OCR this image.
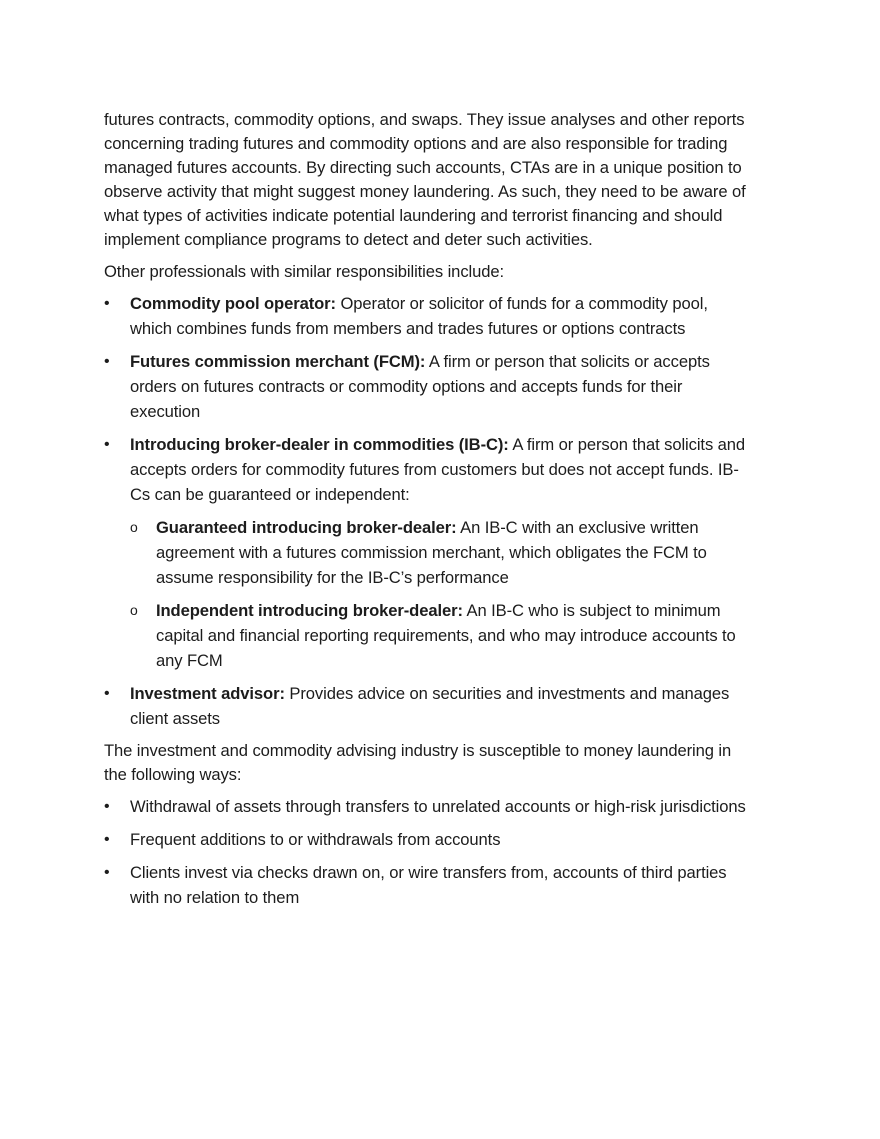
futures contracts, commodity options, and swaps. They issue analyses and other reports concerning trading futures and commodity options and are also responsible for trading managed futures accounts. By directing such accounts, CTAs are in a unique position to observe activity that might suggest money laundering. As such, they need to be aware of what types of activities indicate potential laundering and terrorist financing and should implement compliance programs to detect and deter such activities.

Other professionals with similar responsibilities include:

• Commodity pool operator: Operator or solicitor of funds for a commodity pool, which combines funds from members and trades futures or options contracts
• Futures commission merchant (FCM): A firm or person that solicits or accepts orders on futures contracts or commodity options and accepts funds for their execution
• Introducing broker-dealer in commodities (IB-C): A firm or person that solicits and accepts orders for commodity futures from customers but does not accept funds. IB-Cs can be guaranteed or independent:
o Guaranteed introducing broker-dealer: An IB-C with an exclusive written agreement with a futures commission merchant, which obligates the FCM to assume responsibility for the IB-C’s performance
o Independent introducing broker-dealer: An IB-C who is subject to minimum capital and financial reporting requirements, and who may introduce accounts to any FCM
• Investment advisor: Provides advice on securities and investments and manages client assets

The investment and commodity advising industry is susceptible to money laundering in the following ways:

• Withdrawal of assets through transfers to unrelated accounts or high-risk jurisdictions
• Frequent additions to or withdrawals from accounts
• Clients invest via checks drawn on, or wire transfers from, accounts of third parties with no relation to them
